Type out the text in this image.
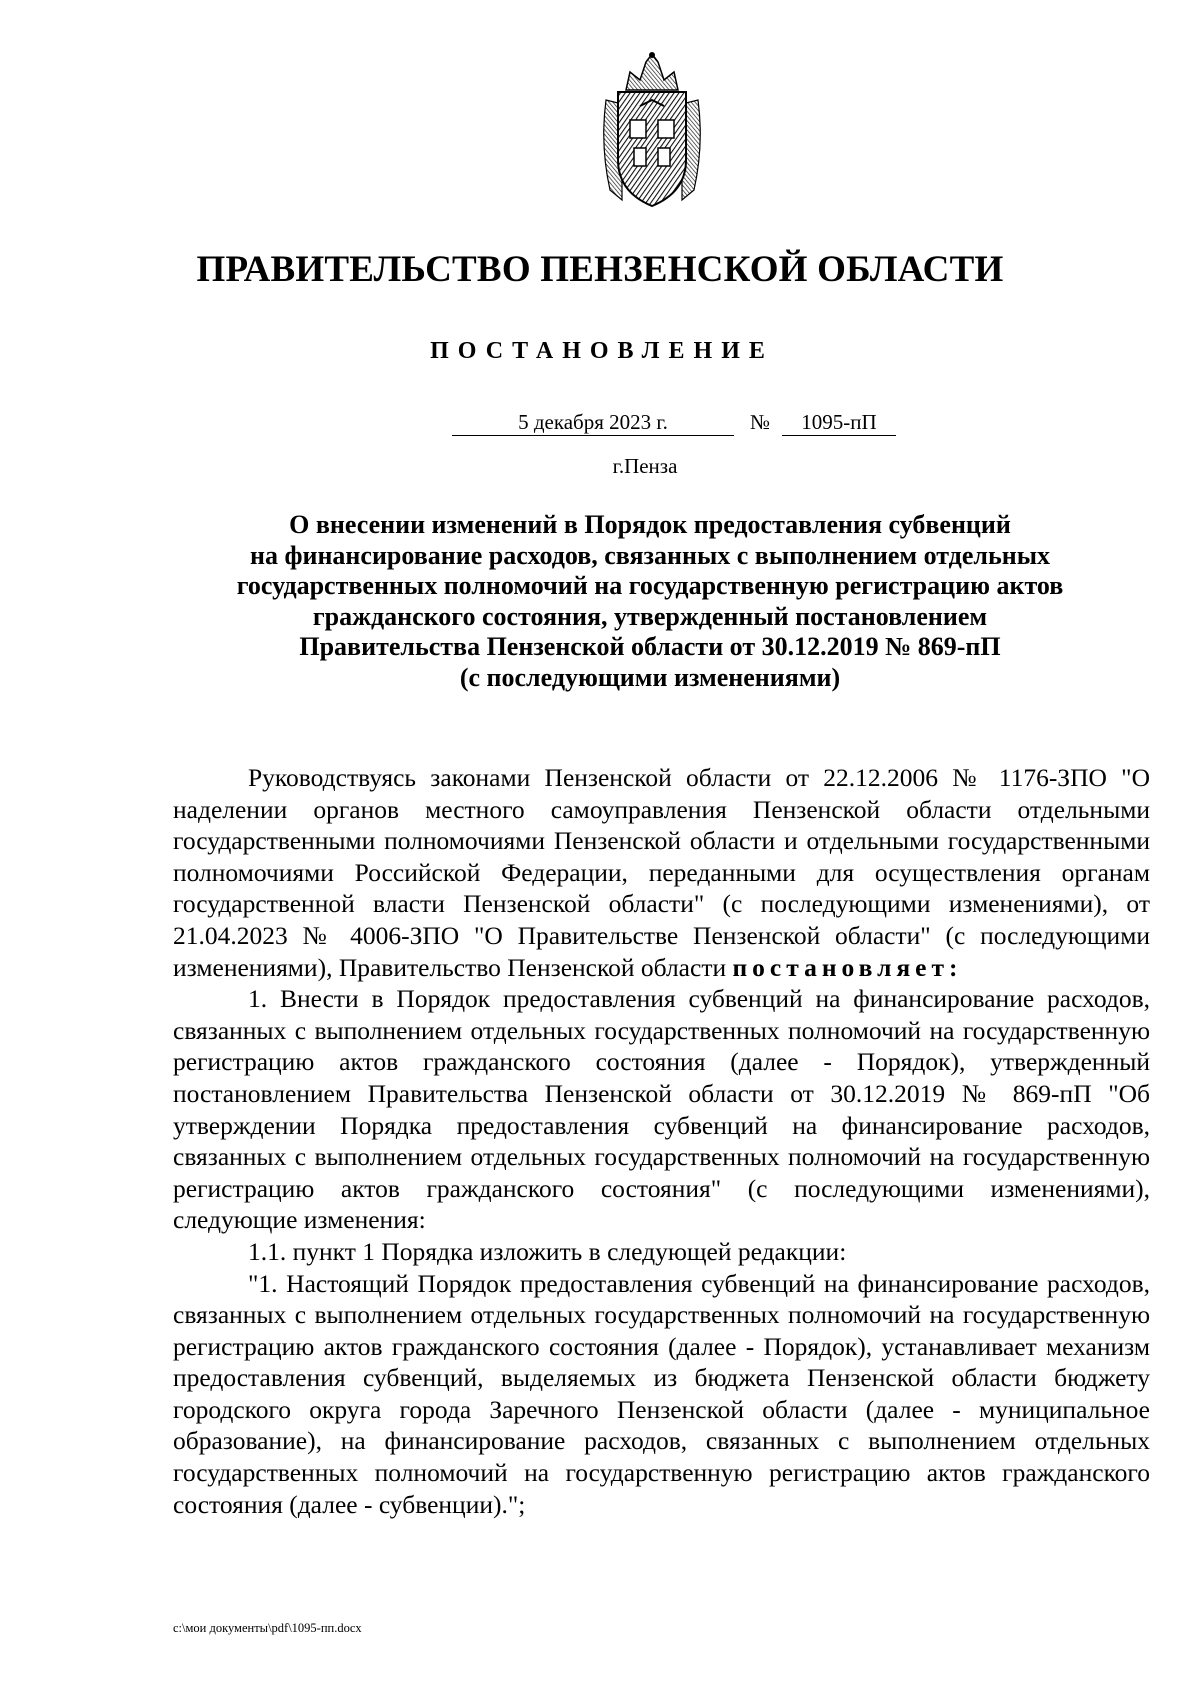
ПРАВИТЕЛЬСТВО ПЕНЗЕНСКОЙ ОБЛАСТИ
ПОСТАНОВЛЕНИЕ
5 декабря 2023 г.	№	1095-пП
г.Пенза
О внесении изменений в Порядок предоставления субвенций
на финансирование расходов, связанных с выполнением отдельных
государственных полномочий на государственную регистрацию актов
гражданского состояния, утвержденный постановлением
Правительства Пензенской области от 30.12.2019 № 869-пП
(с последующими изменениями)

Руководствуясь законами Пензенской области от 22.12.2006 № 1176-ЗПО "О наделении органов местного самоуправления Пензенской области отдельными государственными полномочиями Пензенской области и отдельными государственными полномочиями Российской Федерации, переданными для осуществления органам государственной власти Пензенской области" (с последующими изменениями), от 21.04.2023 № 4006-ЗПО "О Правительстве Пензенской области" (с последующими изменениями), Правительство Пензенской области постановляет:

1. Внести в Порядок предоставления субвенций на финансирование расходов, связанных с выполнением отдельных государственных полномочий на государственную регистрацию актов гражданского состояния (далее - Порядок), утвержденный постановлением Правительства Пензенской области от 30.12.2019 № 869-пП "Об утверждении Порядка предоставления субвенций на финансирование расходов, связанных с выполнением отдельных государственных полномочий на государственную регистрацию актов гражданского состояния" (с последующими изменениями), следующие изменения:

1.1. пункт 1 Порядка изложить в следующей редакции:

"1. Настоящий Порядок предоставления субвенций на финансирование расходов, связанных с выполнением отдельных государственных полномочий на государственную регистрацию актов гражданского состояния (далее - Порядок), устанавливает механизм предоставления субвенций, выделяемых из бюджета Пензенской области бюджету городского округа города Заречного Пензенской области (далее - муниципальное образование), на финансирование расходов, связанных с выполнением отдельных государственных полномочий на государственную регистрацию актов гражданского состояния (далее - субвенции).";

c:\мои документы\pdf\1095-пп.docx
